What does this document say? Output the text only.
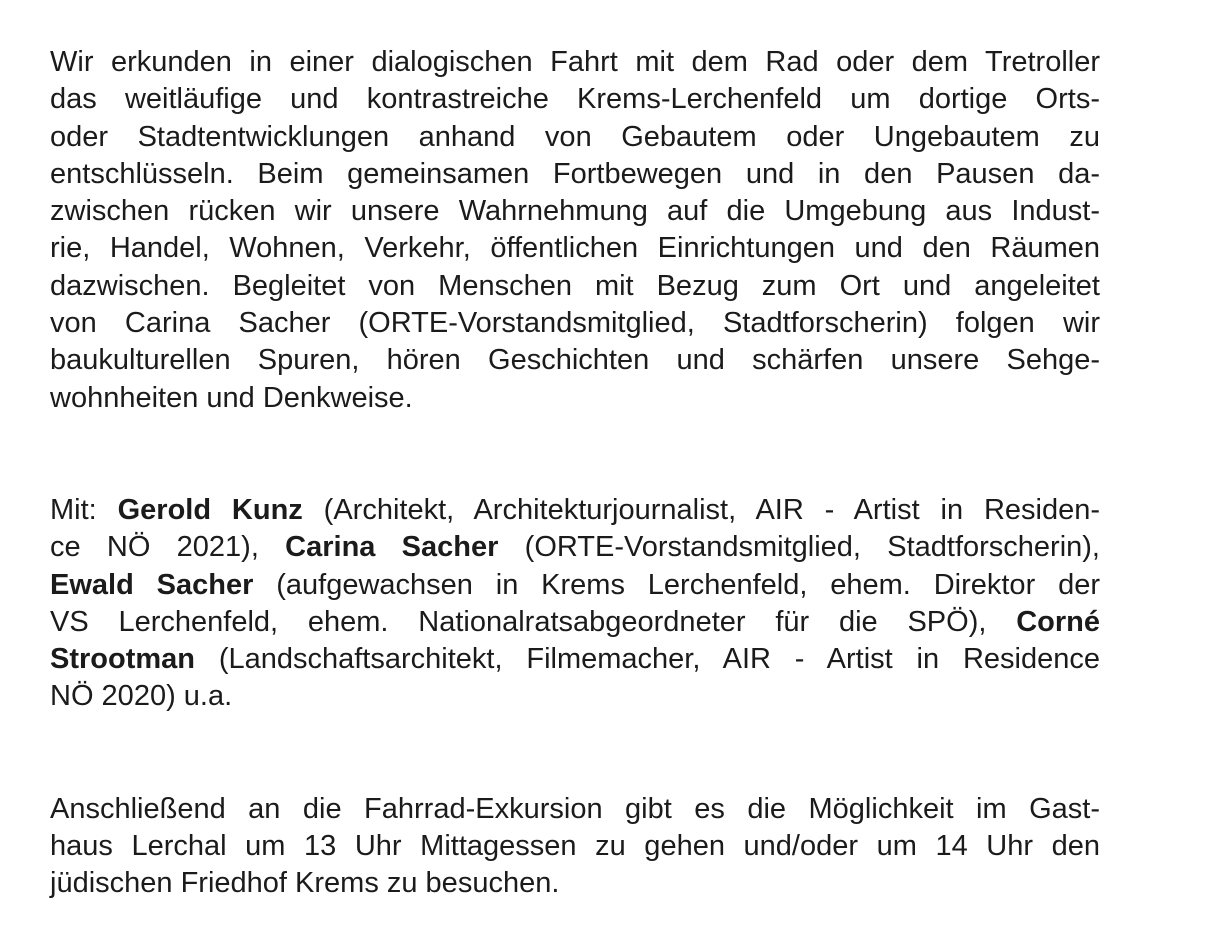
Wir erkunden in einer dialogischen Fahrt mit dem Rad oder dem Tretroller
das weitläufige und kontrastreiche Krems-Lerchenfeld um dortige Orts-
oder Stadtentwicklungen anhand von Gebautem oder Ungebautem zu
entschlüsseln. Beim gemeinsamen Fortbewegen und in den Pausen da-
zwischen rücken wir unsere Wahrnehmung auf die Umgebung aus Indust-
rie, Handel, Wohnen, Verkehr, öffentlichen Einrichtungen und den Räumen
dazwischen. Begleitet von Menschen mit Bezug zum Ort und angeleitet
von Carina Sacher (ORTE-Vorstandsmitglied, Stadtforscherin) folgen wir
baukulturellen Spuren, hören Geschichten und schärfen unsere Sehge-
wohnheiten und Denkweise.
Mit: Gerold Kunz (Architekt, Architekturjournalist, AIR - Artist in Residen-
ce NÖ 2021), Carina Sacher (ORTE-Vorstandsmitglied, Stadtforscherin),
Ewald Sacher (aufgewachsen in Krems Lerchenfeld, ehem. Direktor der
VS Lerchenfeld, ehem. Nationalratsabgeordneter für die SPÖ), Corné
Strootman (Landschaftsarchitekt, Filmemacher, AIR - Artist in Residence
NÖ 2020) u.a.
Anschließend an die Fahrrad-Exkursion gibt es die Möglichkeit im Gast-
haus Lerchal um 13 Uhr Mittagessen zu gehen und/oder um 14 Uhr den
jüdischen Friedhof Krems zu besuchen.
